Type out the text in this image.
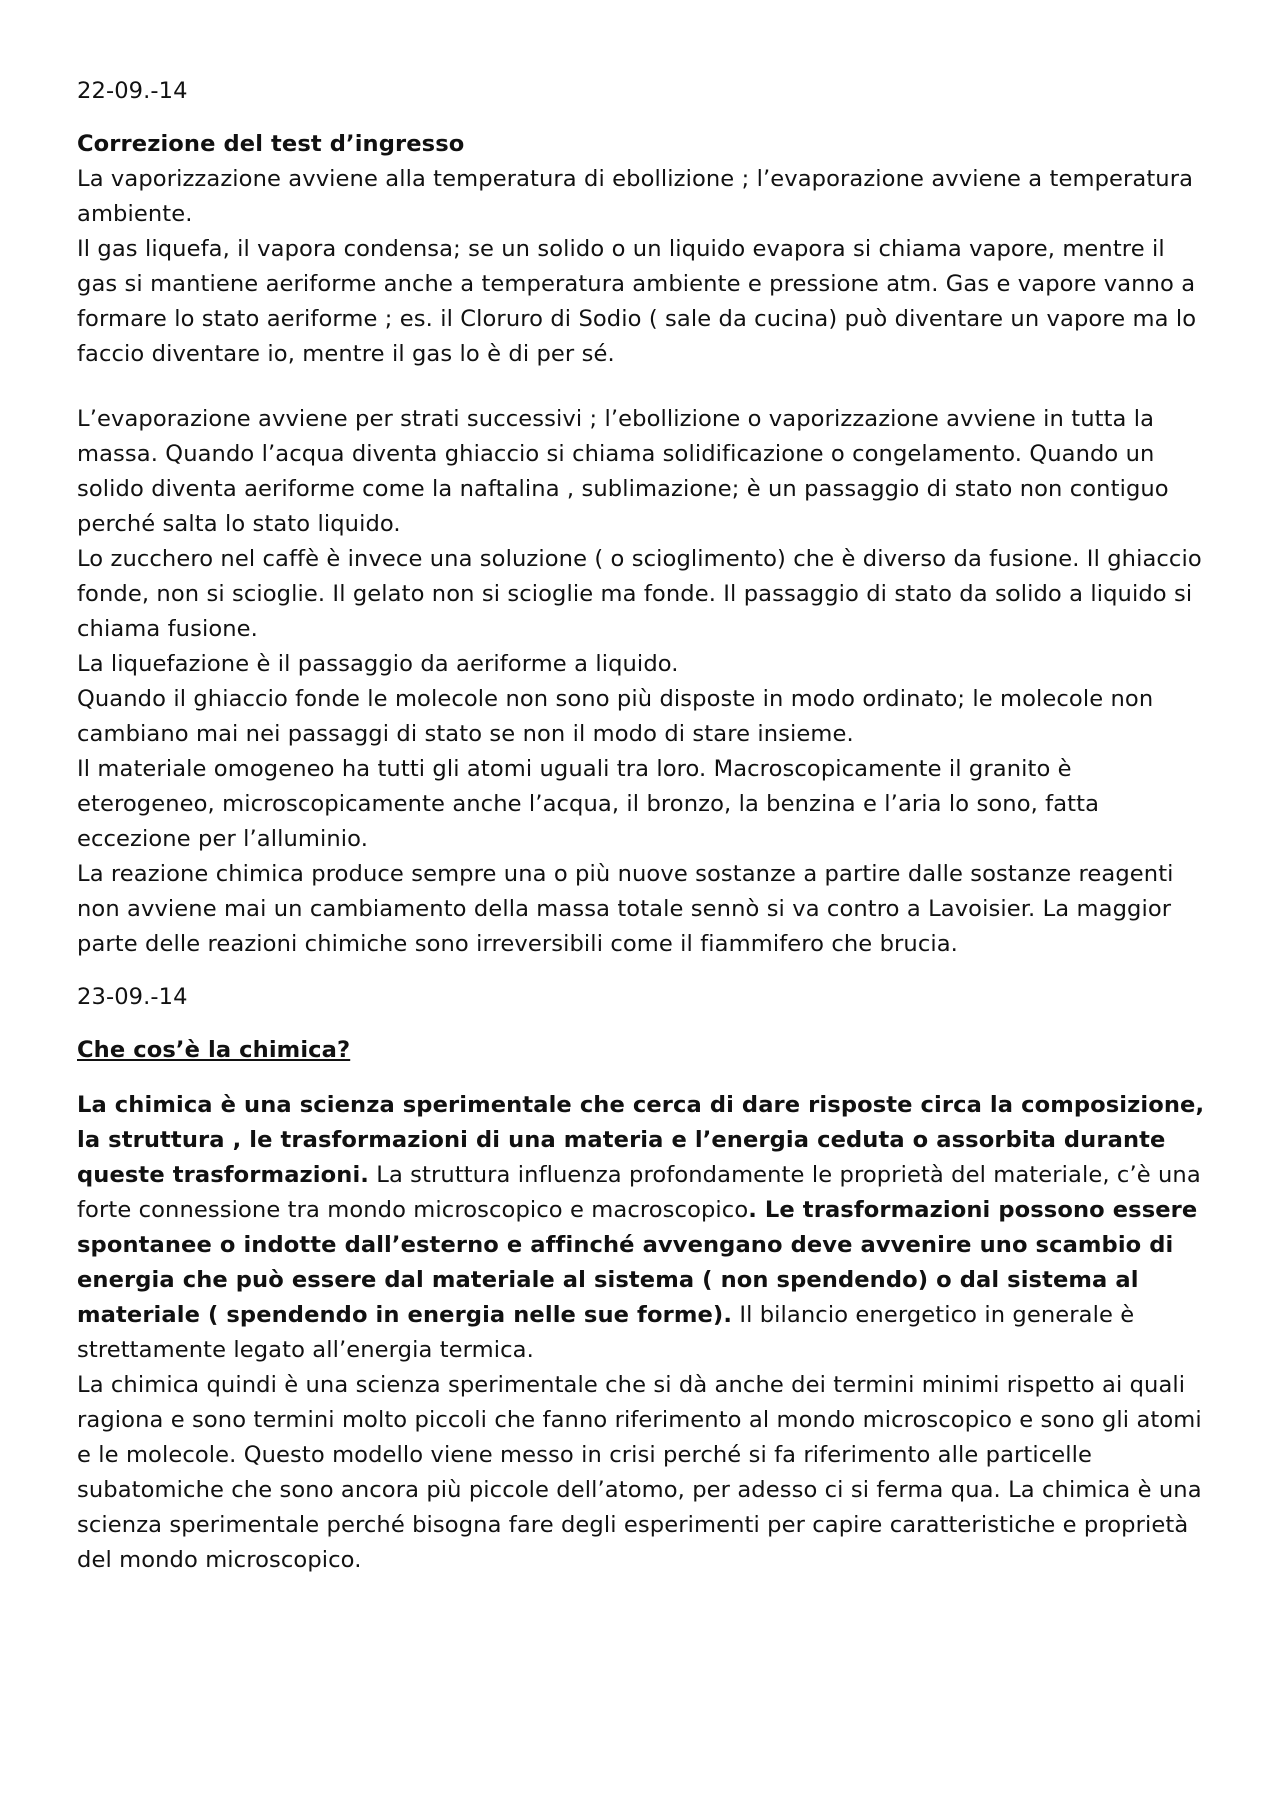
22-09.-14

Correzione del test d’ingresso

La vaporizzazione avviene alla temperatura di ebollizione ; l’evaporazione avviene a temperatura ambiente.

Il gas liquefa, il vapora condensa; se un solido o un liquido evapora si chiama vapore, mentre il gas si mantiene aeriforme anche a temperatura ambiente e pressione atm. Gas e vapore vanno a formare lo stato aeriforme ; es. il Cloruro di Sodio ( sale da cucina) può diventare un vapore ma lo faccio diventare io, mentre il gas lo è di per sé.

L’evaporazione avviene per strati successivi ; l’ebollizione o vaporizzazione avviene in tutta la massa. Quando l’acqua diventa ghiaccio si chiama solidificazione o congelamento. Quando un solido diventa aeriforme come la naftalina , sublimazione; è un passaggio di stato non contiguo perché salta lo stato liquido.

Lo zucchero nel caffè è invece una soluzione ( o scioglimento) che è diverso da fusione. Il ghiaccio fonde, non si scioglie. Il gelato non si scioglie ma fonde. Il passaggio di stato da solido a liquido si chiama fusione.

La liquefazione è il passaggio da aeriforme a liquido.

Quando il ghiaccio fonde le molecole non sono più disposte in modo ordinato; le molecole non cambiano mai nei passaggi di stato se non il modo di stare insieme.

Il materiale omogeneo ha tutti gli atomi uguali tra loro. Macroscopicamente il granito è eterogeneo, microscopicamente anche l’acqua, il bronzo, la benzina e l’aria lo sono, fatta eccezione per l’alluminio.

La reazione chimica produce sempre una o più nuove sostanze a partire dalle sostanze reagenti non avviene mai un cambiamento della massa totale sennò si va contro a Lavoisier. La maggior parte delle reazioni chimiche sono irreversibili come il fiammifero che brucia.

23-09.-14

Che cos’è la chimica?

La chimica è una scienza sperimentale che cerca di dare risposte circa la composizione, la struttura , le trasformazioni di una materia e l’energia ceduta o assorbita durante queste trasformazioni. La struttura influenza profondamente le proprietà del materiale, c’è una forte connessione tra mondo microscopico e macroscopico. Le trasformazioni possono essere spontanee o indotte dall’esterno e affinché avvengano deve avvenire uno scambio di energia che può essere dal materiale al sistema ( non spendendo) o dal sistema al materiale ( spendendo in energia nelle sue forme). Il bilancio energetico in generale è strettamente legato all’energia termica.

La chimica quindi è una scienza sperimentale che si dà anche dei termini minimi rispetto ai quali ragiona e sono termini molto piccoli che fanno riferimento al mondo microscopico e sono gli atomi e le molecole. Questo modello viene messo in crisi perché si fa riferimento alle particelle subatomiche che sono ancora più piccole dell’atomo, per adesso ci si ferma qua. La chimica è una scienza sperimentale perché bisogna fare degli esperimenti per capire caratteristiche e proprietà del mondo microscopico.
